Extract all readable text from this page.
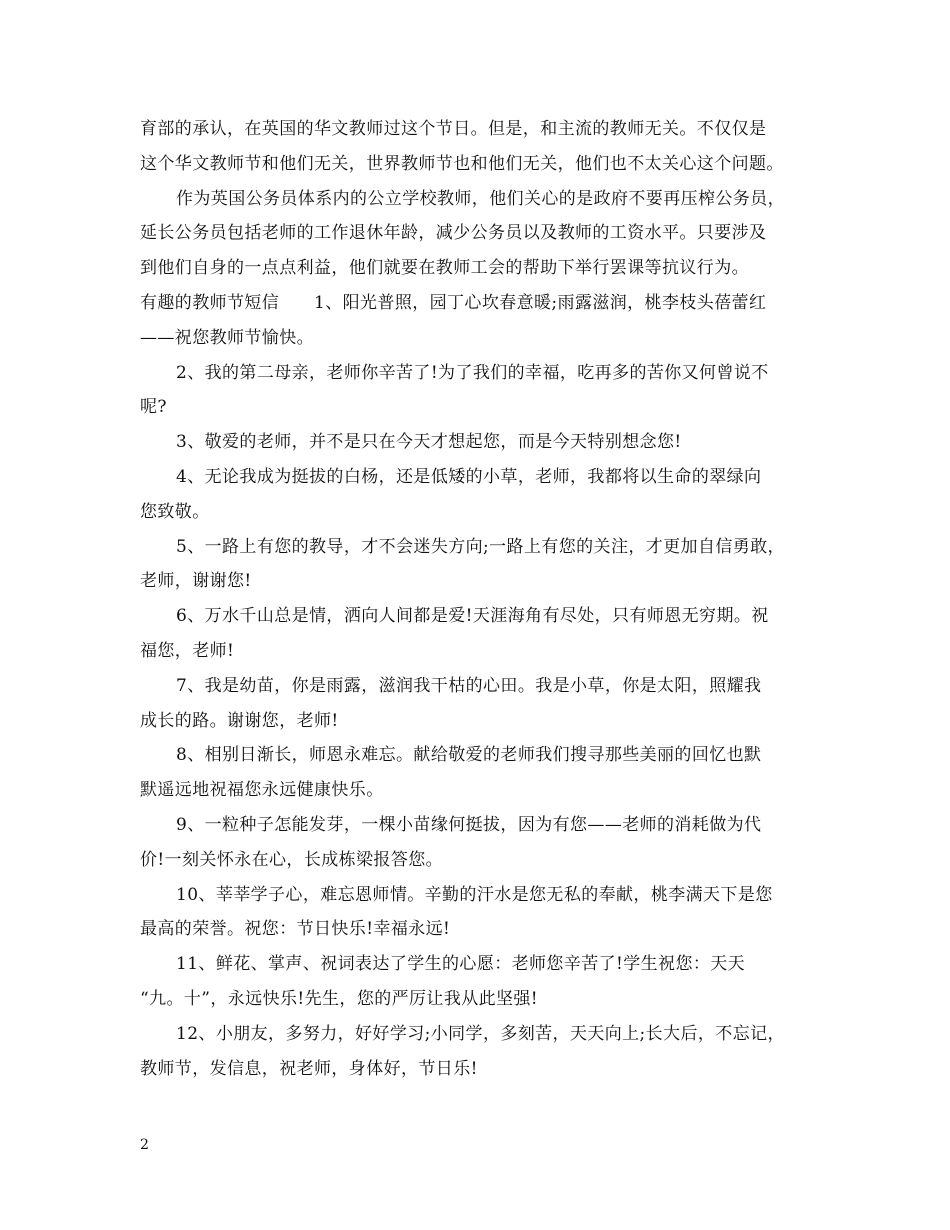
育部的承认，在英国的华文教师过这个节日。但是，和主流的教师无关。不仅仅是
这个华文教师节和他们无关，世界教师节也和他们无关，他们也不太关心这个问题。
作为英国公务员体系内的公立学校教师，他们关心的是政府不要再压榨公务员，
延长公务员包括老师的工作退休年龄，减少公务员以及教师的工资水平。只要涉及
到他们自身的一点点利益，他们就要在教师工会的帮助下举行罢课等抗议行为。
有趣的教师节短信　　1、阳光普照，园丁心坎春意暖;雨露滋润，桃李枝头蓓蕾红
——祝您教师节愉快。
2、我的第二母亲，老师你辛苦了!为了我们的幸福，吃再多的苦你又何曾说不
呢?
3、敬爱的老师，并不是只在今天才想起您，而是今天特别想念您!
4、无论我成为挺拔的白杨，还是低矮的小草，老师，我都将以生命的翠绿向
您致敬。
5、一路上有您的教导，才不会迷失方向;一路上有您的关注，才更加自信勇敢，
老师，谢谢您!
6、万水千山总是情，洒向人间都是爱!天涯海角有尽处，只有师恩无穷期。祝
福您，老师!
7、我是幼苗，你是雨露，滋润我干枯的心田。我是小草，你是太阳，照耀我
成长的路。谢谢您，老师!
8、相别日渐长，师恩永难忘。献给敬爱的老师我们搜寻那些美丽的回忆也默
默遥远地祝福您永远健康快乐。
9、一粒种子怎能发芽，一棵小苗缘何挺拔，因为有您——老师的消耗做为代
价!一刻关怀永在心，长成栋梁报答您。
10、莘莘学子心，难忘恩师情。辛勤的汗水是您无私的奉献，桃李满天下是您
最高的荣誉。祝您：节日快乐!幸福永远!
11、鲜花、掌声、祝词表达了学生的心愿：老师您辛苦了!学生祝您：天天
“九。十”，永远快乐!先生，您的严厉让我从此坚强!
12、小朋友，多努力，好好学习;小同学，多刻苦，天天向上;长大后，不忘记，
教师节，发信息，祝老师，身体好，节日乐!
2
